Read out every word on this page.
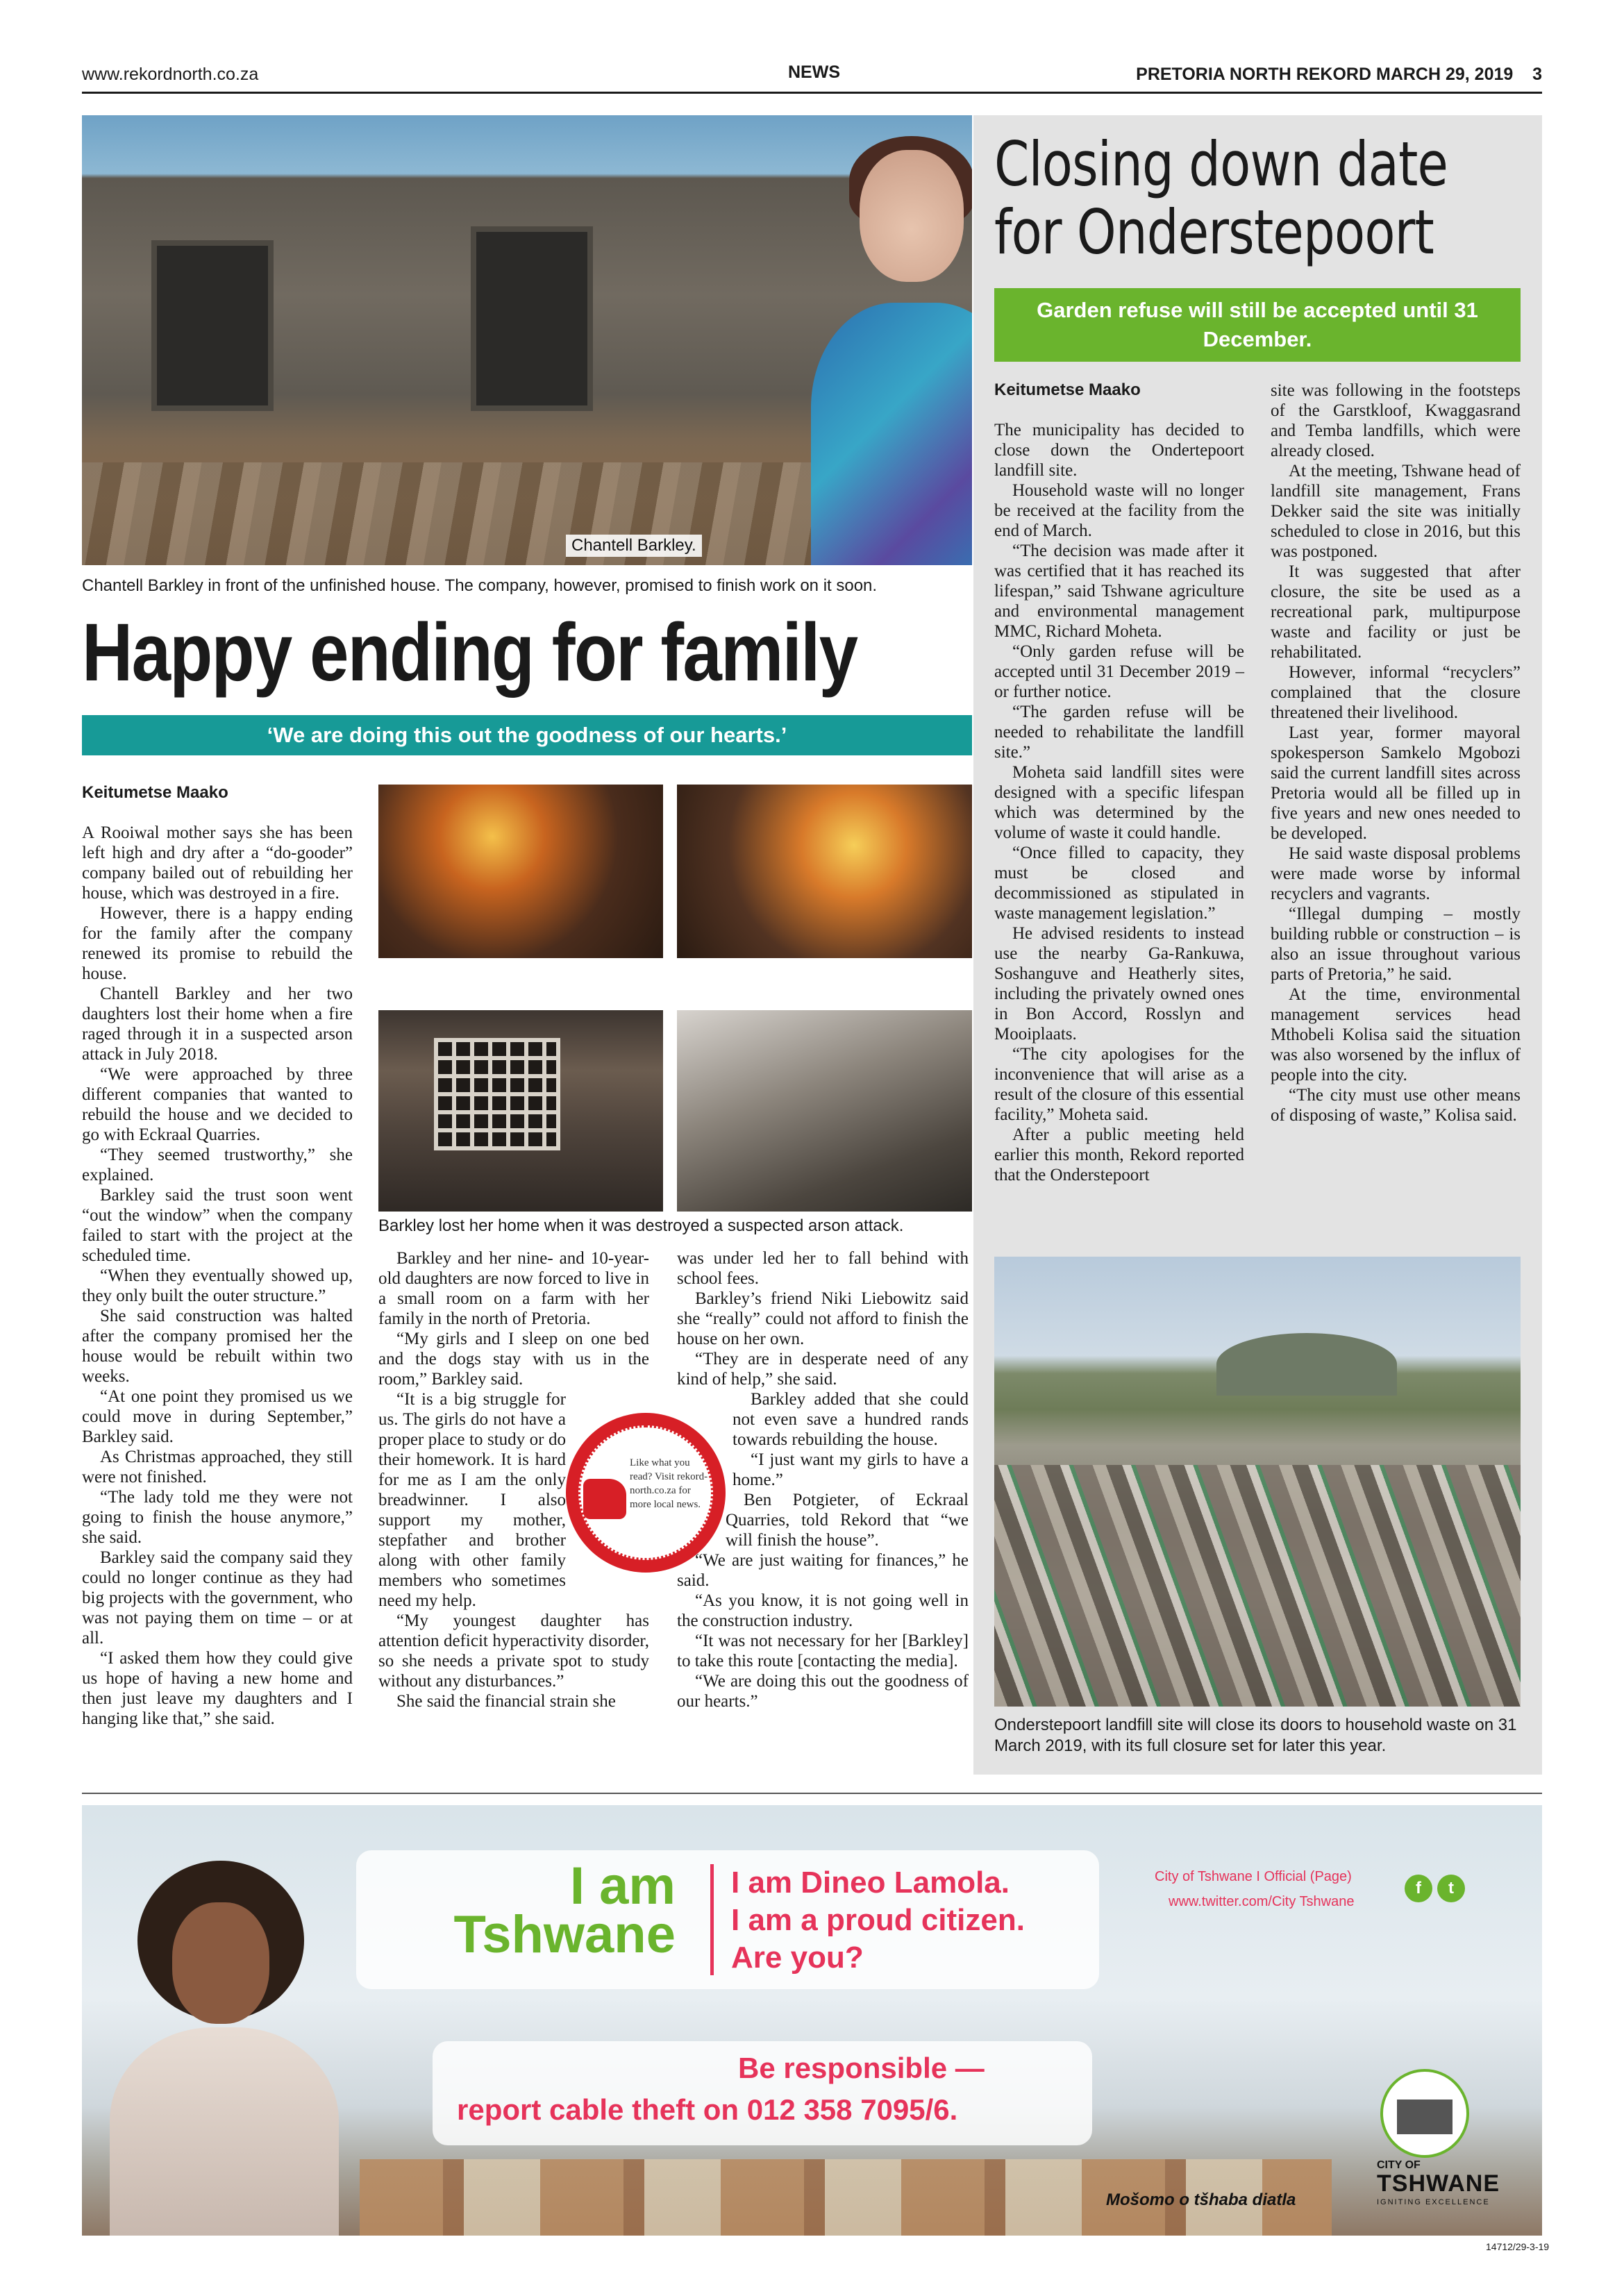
www.rekordnorth.co.za	NEWS	PRETORIA NORTH REKORD MARCH 29, 2019 3
Chantell Barkley.
Chantell Barkley in front of the unfinished house. The company, however, promised to finish work on it soon.
Happy ending for family
‘We are doing this out the goodness of our hearts.’
Keitumetse Maako

A Rooiwal mother says she has been left high and dry after a “do-gooder” company bailed out of rebuilding her house, which was destroyed in a fire.

However, there is a happy ending for the family after the company renewed its promise to rebuild the house.

Chantell Barkley and her two daughters lost their home when a fire raged through it in a suspected arson attack in July 2018.

“We were approached by three different companies that wanted to rebuild the house and we decided to go with Eckraal Quarries.

“They seemed trustworthy,” she explained.

Barkley said the trust soon went “out the window” when the company failed to start with the project at the scheduled time.

“When they eventually showed up, they only built the outer structure.”

She said construction was halted after the company promised her the house would be rebuilt within two weeks.

“At one point they promised us we could move in during September,” Barkley said.

As Christmas approached, they still were not finished.

“The lady told me they were not going to finish the house anymore,” she said.

Barkley said the company said they could no longer continue as they had big projects with the government, who was not paying them on time – or at all.

“I asked them how they could give us hope of having a new home and then just leave my daughters and I hanging like that,” she said.

Barkley lost her home when it was destroyed a suspected arson attack.

Barkley and her nine- and 10-year-old daughters are now forced to live in a small room on a farm with her family in the north of Pretoria.

“My girls and I sleep on one bed and the dogs stay with us in the room,” Barkley said.

“It is a big struggle for us. The girls do not have a proper place to study or do their homework. It is hard for me as I am the only breadwinner. I also support my mother, stepfather and brother along with other family members who sometimes need my help.

“My youngest daughter has attention deficit hyperactivity disorder, so she needs a private spot to study without any disturbances.”

She said the financial strain she

was under led her to fall behind with school fees.

Barkley’s friend Niki Liebowitz said she “really” could not afford to finish the house on her own.

“They are in desperate need of any kind of help,” she said.

Barkley added that she could not even save a hundred rands towards rebuilding the house.

“I just want my girls to have a home.”

Ben Potgieter, of Eckraal Quarries, told Rekord that “we will finish the house”.

“We are just waiting for finances,” he said.

“As you know, it is not going well in the construction industry.

“It was not necessary for her [Barkley] to take this route [contacting the media].

“We are doing this out the goodness of our hearts.”

Like what you read? Visit rekord-north.co.za for more local news.
Closing down date
for Onderstepoort
Garden refuse will still be accepted until 31 December.
Keitumetse Maako

The municipality has decided to close down the Ondertepoort landfill site.

Household waste will no longer be received at the facility from the end of March.

“The decision was made after it was certified that it has reached its lifespan,” said Tshwane agriculture and environmental management MMC, Richard Moheta.

“Only garden refuse will be accepted until 31 December 2019 – or further notice.

“The garden refuse will be needed to rehabilitate the landfill site.”

Moheta said landfill sites were designed with a specific lifespan which was determined by the volume of waste it could handle.

“Once filled to capacity, they must be closed and decommissioned as stipulated in waste management legislation.”

He advised residents to instead use the nearby Ga-Rankuwa, Soshanguve and Heatherly sites, including the privately owned ones in Bon Accord, Rosslyn and Mooiplaats.

“The city apologises for the inconvenience that will arise as a result of the closure of this essential facility,” Moheta said.

After a public meeting held earlier this month, Rekord reported that the Onderstepoort

site was following in the footsteps of the Garstkloof, Kwaggasrand and Temba landfills, which were already closed.

At the meeting, Tshwane head of landfill site management, Frans Dekker said the site was initially scheduled to close in 2016, but this was postponed.

It was suggested that after closure, the site be used as a recreational park, multipurpose waste and facility or just be rehabilitated.

However, informal “recyclers” complained that the closure threatened their livelihood.

Last year, former mayoral spokesperson Samkelo Mgobozi said the current landfill sites across Pretoria would all be filled up in five years and new ones needed to be developed.

He said waste disposal problems were made worse by informal recyclers and vagrants.

“Illegal dumping – mostly building rubble or construction – is also an issue throughout various parts of Pretoria,” he said.

At the time, environmental management services head Mthobeli Kolisa said the situation was also worsened by the influx of people into the city.

“The city must use other means of disposing of waste,” Kolisa said.

Onderstepoort landfill site will close its doors to household waste on 31 March 2019, with its full closure set for later this year.
I am
Tshwane
I am Dineo Lamola.
I am a proud citizen.
Are you?
City of Tshwane I Official (Page)
www.twitter.com/City Tshwane
f	t
Be responsible —
report cable theft on 012 358 7095/6.
Mošomo o tšhaba diatla
CITY OF
TSHWANE
IGNITING EXCELLENCE
14712/29-3-19
